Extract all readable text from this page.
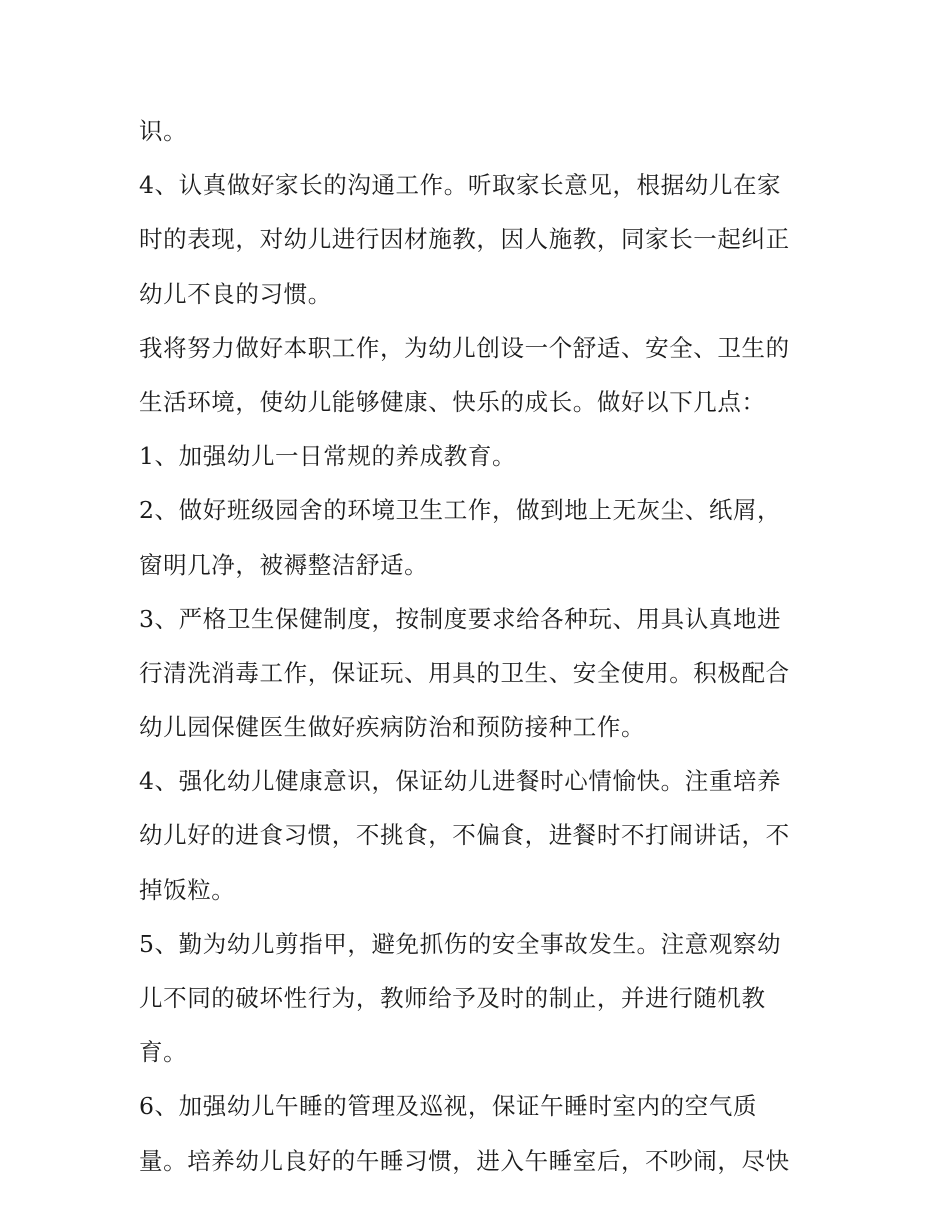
识。
4、认真做好家长的沟通工作。听取家长意见，根据幼儿在家
时的表现，对幼儿进行因材施教，因人施教，同家长一起纠正
幼儿不良的习惯。
我将努力做好本职工作，为幼儿创设一个舒适、安全、卫生的
生活环境，使幼儿能够健康、快乐的成长。做好以下几点：
1、加强幼儿一日常规的养成教育。
2、做好班级园舍的环境卫生工作，做到地上无灰尘、纸屑，
窗明几净，被褥整洁舒适。
3、严格卫生保健制度，按制度要求给各种玩、用具认真地进
行清洗消毒工作，保证玩、用具的卫生、安全使用。积极配合
幼儿园保健医生做好疾病防治和预防接种工作。
4、强化幼儿健康意识，保证幼儿进餐时心情愉快。注重培养
幼儿好的进食习惯，不挑食，不偏食，进餐时不打闹讲话，不
掉饭粒。
5、勤为幼儿剪指甲，避免抓伤的安全事故发生。注意观察幼
儿不同的破坏性行为，教师给予及时的制止，并进行随机教
育。
6、加强幼儿午睡的管理及巡视，保证午睡时室内的空气质
量。培养幼儿良好的午睡习惯，进入午睡室后，不吵闹，尽快
